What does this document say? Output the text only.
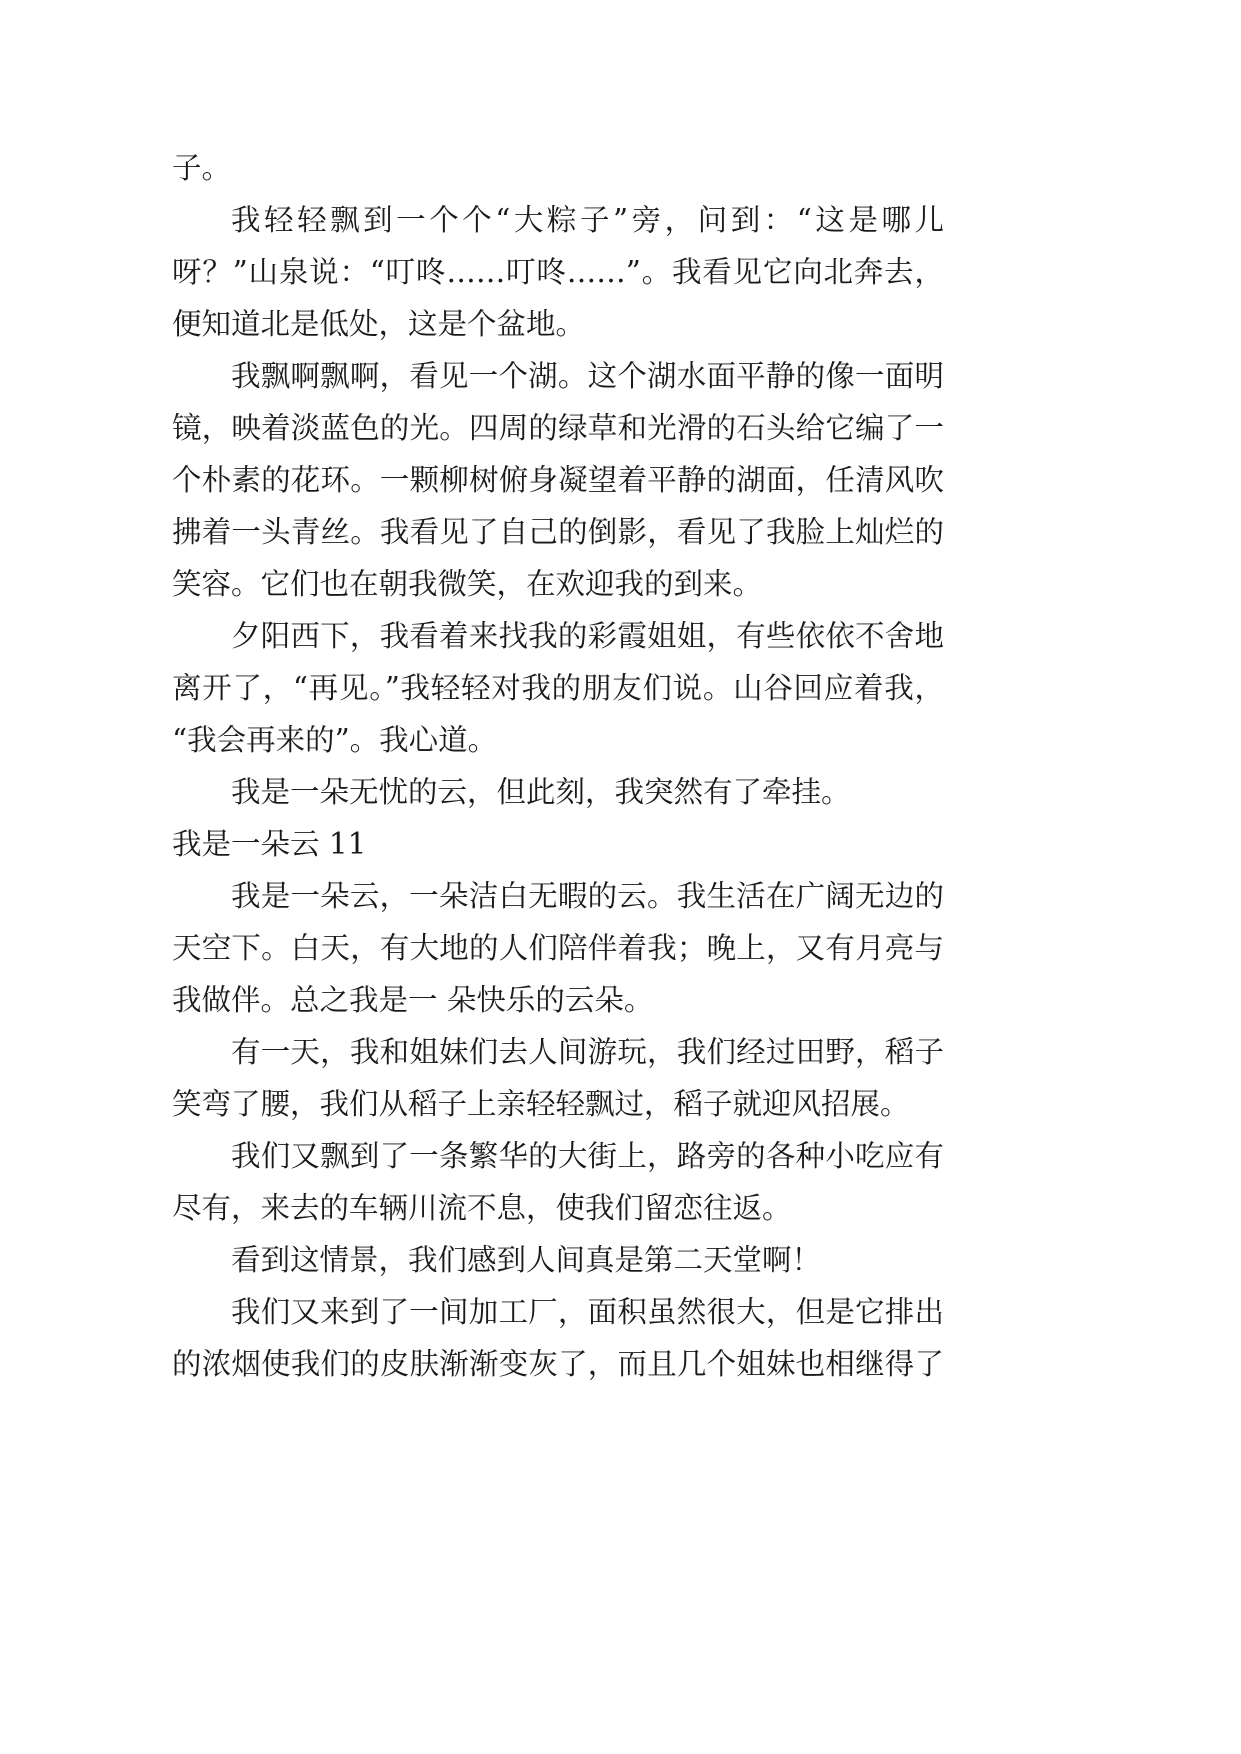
子。
我轻轻飘到一个个“大粽子”旁，问到：“这是哪儿
呀？”山泉说：“叮咚……叮咚……”。我看见它向北奔去，
便知道北是低处，这是个盆地。
我飘啊飘啊，看见一个湖。这个湖水面平静的像一面明
镜，映着淡蓝色的光。四周的绿草和光滑的石头给它编了一
个朴素的花环。一颗柳树俯身凝望着平静的湖面，任清风吹
拂着一头青丝。我看见了自己的倒影，看见了我脸上灿烂的
笑容。它们也在朝我微笑，在欢迎我的到来。
夕阳西下，我看着来找我的彩霞姐姐，有些依依不舍地
离开了，“再见。”我轻轻对我的朋友们说。山谷回应着我，
“我会再来的”。我心道。
我是一朵无忧的云，但此刻，我突然有了牵挂。
我是一朵云 11
我是一朵云，一朵洁白无暇的云。我生活在广阔无边的
天空下。白天，有大地的人们陪伴着我；晚上，又有月亮与
我做伴。总之我是一 朵快乐的云朵。
有一天，我和姐妹们去人间游玩，我们经过田野，稻子
笑弯了腰，我们从稻子上亲轻轻飘过，稻子就迎风招展。
我们又飘到了一条繁华的大街上，路旁的各种小吃应有
尽有，来去的车辆川流不息，使我们留恋往返。
看到这情景，我们感到人间真是第二天堂啊！
我们又来到了一间加工厂，面积虽然很大，但是它排出
的浓烟使我们的皮肤渐渐变灰了，而且几个姐妹也相继得了
